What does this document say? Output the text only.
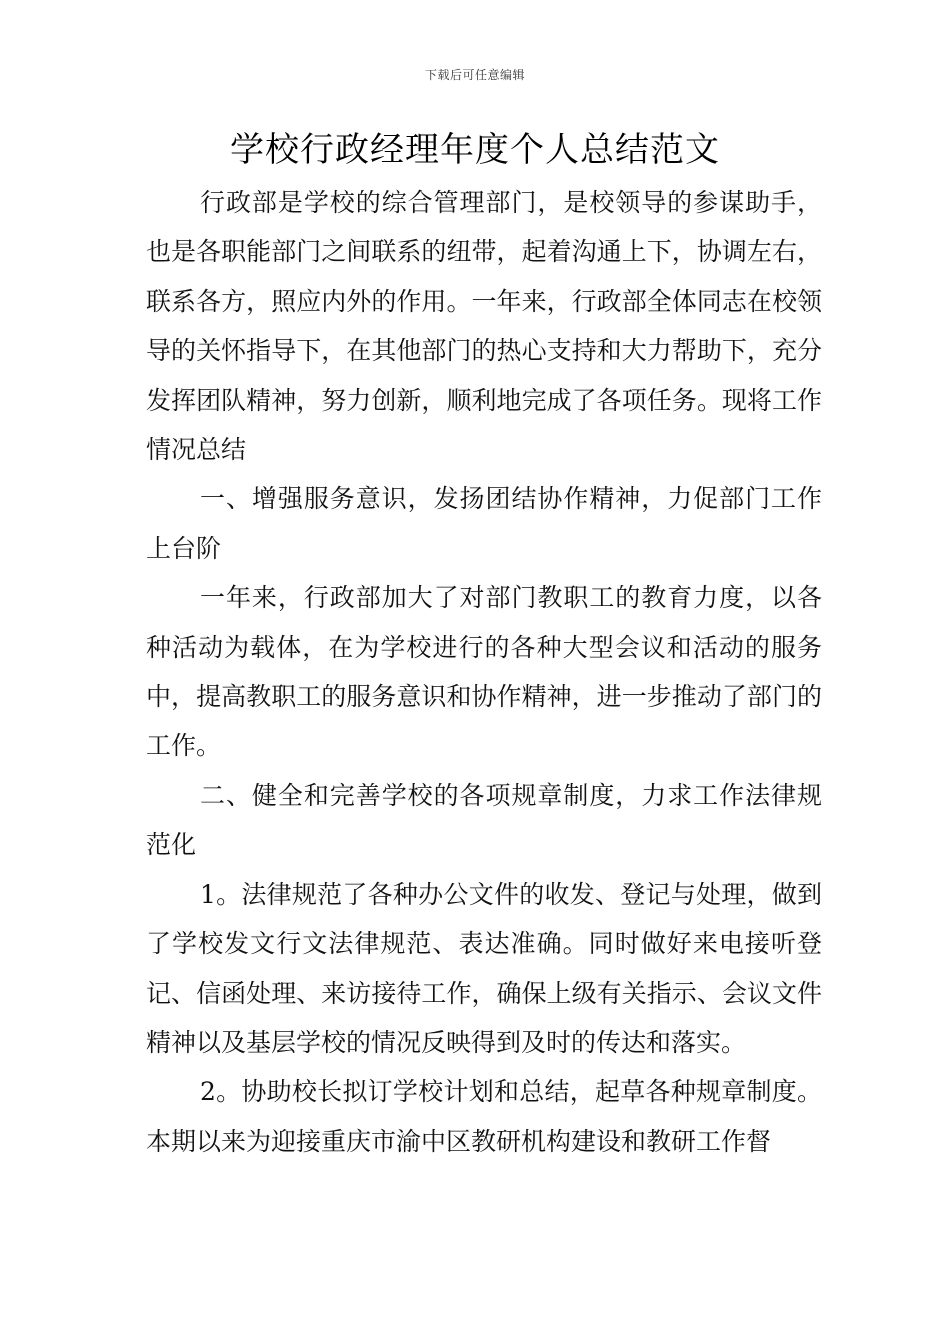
下载后可任意编辑
学校行政经理年度个人总结范文

行政部是学校的综合管理部门，是校领导的参谋助手，也是各职能部门之间联系的纽带，起着沟通上下，协调左右，联系各方，照应内外的作用。一年来，行政部全体同志在校领导的关怀指导下，在其他部门的热心支持和大力帮助下，充分发挥团队精神，努力创新，顺利地完成了各项任务。现将工作情况总结

一、增强服务意识，发扬团结协作精神，力促部门工作上台阶

一年来，行政部加大了对部门教职工的教育力度，以各种活动为载体，在为学校进行的各种大型会议和活动的服务中，提高教职工的服务意识和协作精神，进一步推动了部门的工作。

二、健全和完善学校的各项规章制度，力求工作法律规范化

1。法律规范了各种办公文件的收发、登记与处理，做到了学校发文行文法律规范、表达准确。同时做好来电接听登记、信函处理、来访接待工作，确保上级有关指示、会议文件精神以及基层学校的情况反映得到及时的传达和落实。

2。协助校长拟订学校计划和总结，起草各种规章制度。本期以来为迎接重庆市渝中区教研机构建设和教研工作督
